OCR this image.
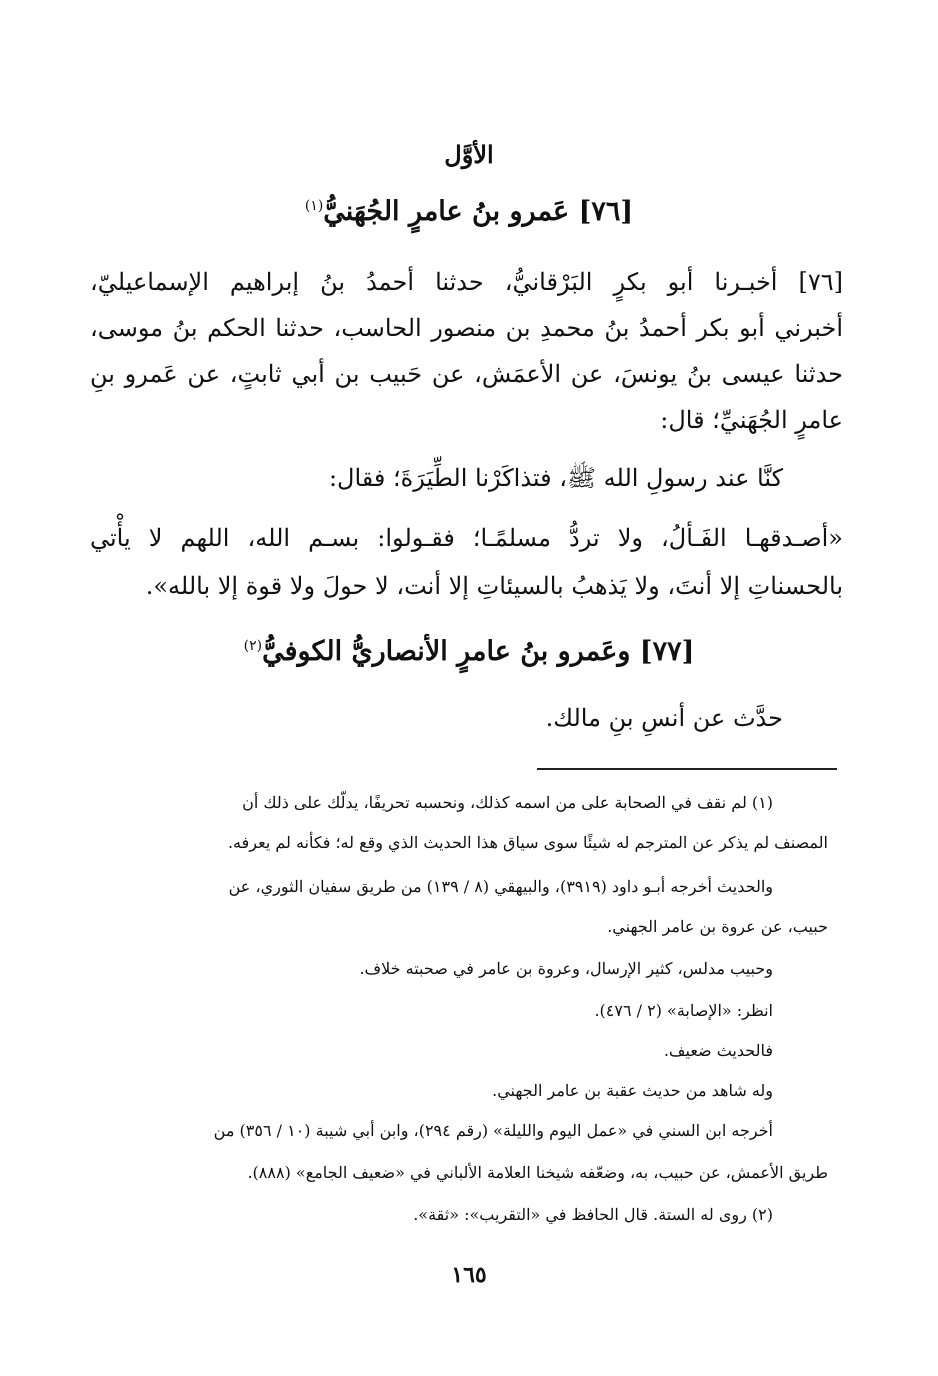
الأوَّل
[٧٦] عَمرو بنُ عامرٍ الجُهَنيُّ$^{(١)}$
[٧٦] أخبـرنا أبو بكرٍ البَرْقانيُّ، حدثنا أحمدُ بنُ إبراهيم الإسماعيليّ،
أخبرني أبو بكر أحمدُ بنُ محمدِ بن منصور الحاسب، حدثنا الحكم بنُ موسى،
حدثنا عيسى بنُ يونسَ، عن الأعمَش، عن حَبيب بن أبي ثابتٍ، عن عَمرو بنِ
عامرٍ الجُهَنيِّ؛ قال:
كنَّا عند رسولِ الله ﷺ، فتذاكَرْنا الطِّيَرَةَ؛ فقال:
«أصـدقهـا الفَـألُ، ولا تردُّ مسلمًـا؛ فقـولوا: بسـم الله، اللهم لا يأْتي
بالحسناتِ إلا أنتَ، ولا يَذهبُ بالسيئاتِ إلا أنت، لا حولَ ولا قوة إلا بالله».
[٧٧] وعَمرو بنُ عامرٍ الأنصاريُّ الكوفيُّ$^{(٢)}$
حدَّث عن أنسِ بنِ مالك.
(١) لم نقف في الصحابة على من اسمه كذلك، ونحسبه تحريفًا، يدلّك على ذلك أن
المصنف لم يذكر عن المترجم له شيئًا سوى سياق هذا الحديث الذي وقع له؛ فكأنه لم يعرفه.
والحديث أخرجه أبـو داود (٣٩١٩)، والبيهقي (٨ / ١٣٩) من طريق سفيان الثوري، عن
حبيب، عن عروة بن عامر الجهني.
وحبيب مدلس، كثير الإرسال، وعروة بن عامر في صحبته خلاف.
انظر: «الإصابة» (٢ / ٤٧٦).
فالحديث ضعيف.
وله شاهد من حديث عقبة بن عامر الجهني.
أخرجه ابن السني في «عمل اليوم والليلة» (رقم ٢٩٤)، وابن أبي شيبة (١٠ / ٣٥٦) من
طريق الأعمش، عن حبيب، به، وضعّفه شيخنا العلامة الألباني في «ضعيف الجامع» (٨٨٨).
(٢) روى له الستة. قال الحافظ في «التقريب»: «ثقة».
١٦٥
